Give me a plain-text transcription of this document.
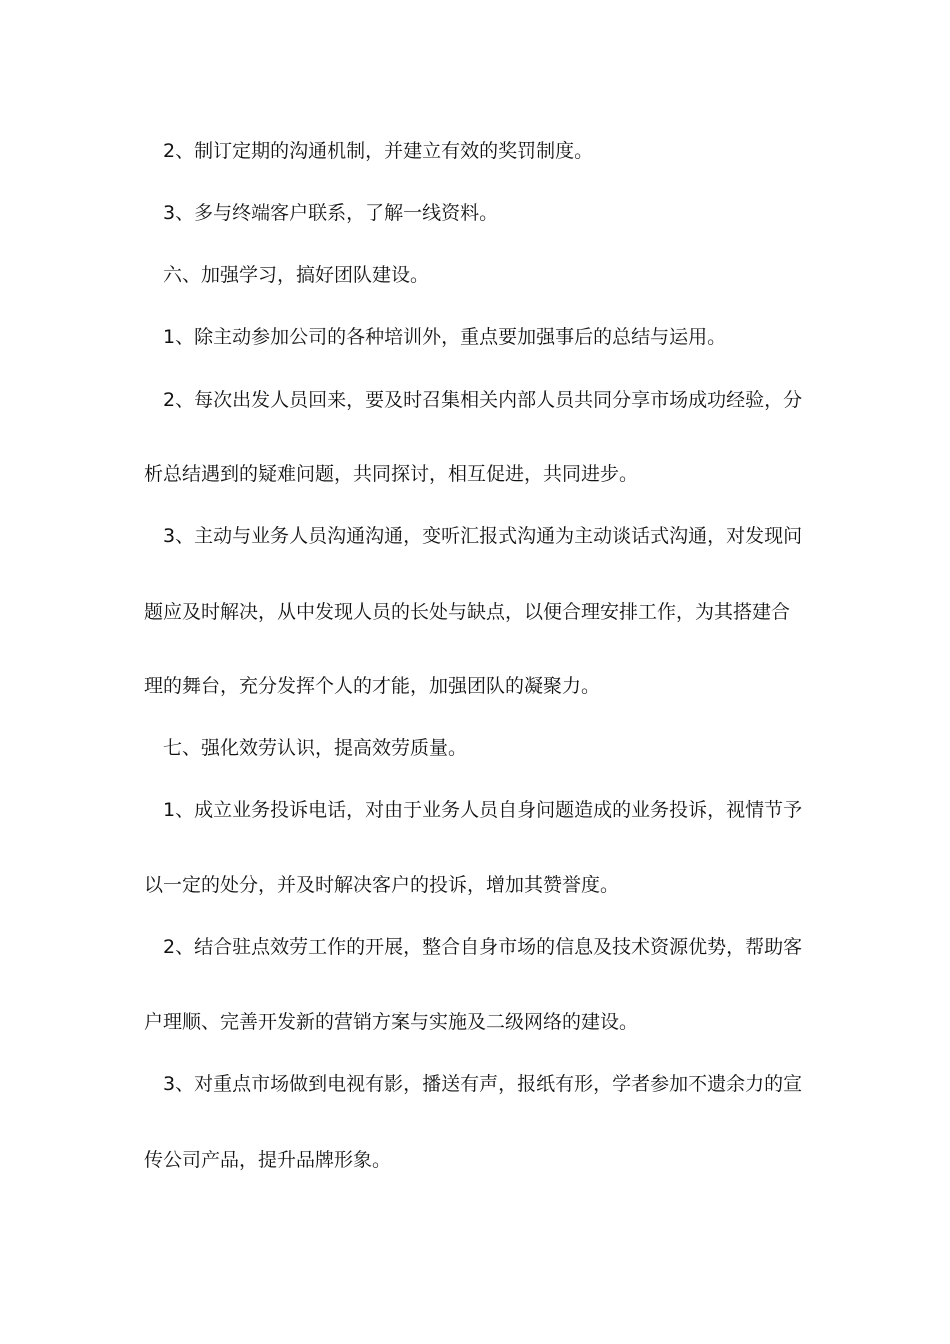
2、制订定期的沟通机制，并建立有效的奖罚制度。
3、多与终端客户联系，了解一线资料。
六、加强学习，搞好团队建设。
1、除主动参加公司的各种培训外，重点要加强事后的总结与运用。
2、每次出发人员回来，要及时召集相关内部人员共同分享市场成功经验，分
析总结遇到的疑难问题，共同探讨，相互促进，共同进步。
3、主动与业务人员沟通沟通，变听汇报式沟通为主动谈话式沟通，对发现问
题应及时解决，从中发现人员的长处与缺点，以便合理安排工作，为其搭建合
理的舞台，充分发挥个人的才能，加强团队的凝聚力。
七、强化效劳认识，提高效劳质量。
1、成立业务投诉电话，对由于业务人员自身问题造成的业务投诉，视情节予
以一定的处分，并及时解决客户的投诉，增加其赞誉度。
2、结合驻点效劳工作的开展，整合自身市场的信息及技术资源优势，帮助客
户理顺、完善开发新的营销方案与实施及二级网络的建设。
3、对重点市场做到电视有影，播送有声，报纸有形，学者参加不遗余力的宣
传公司产品，提升品牌形象。
